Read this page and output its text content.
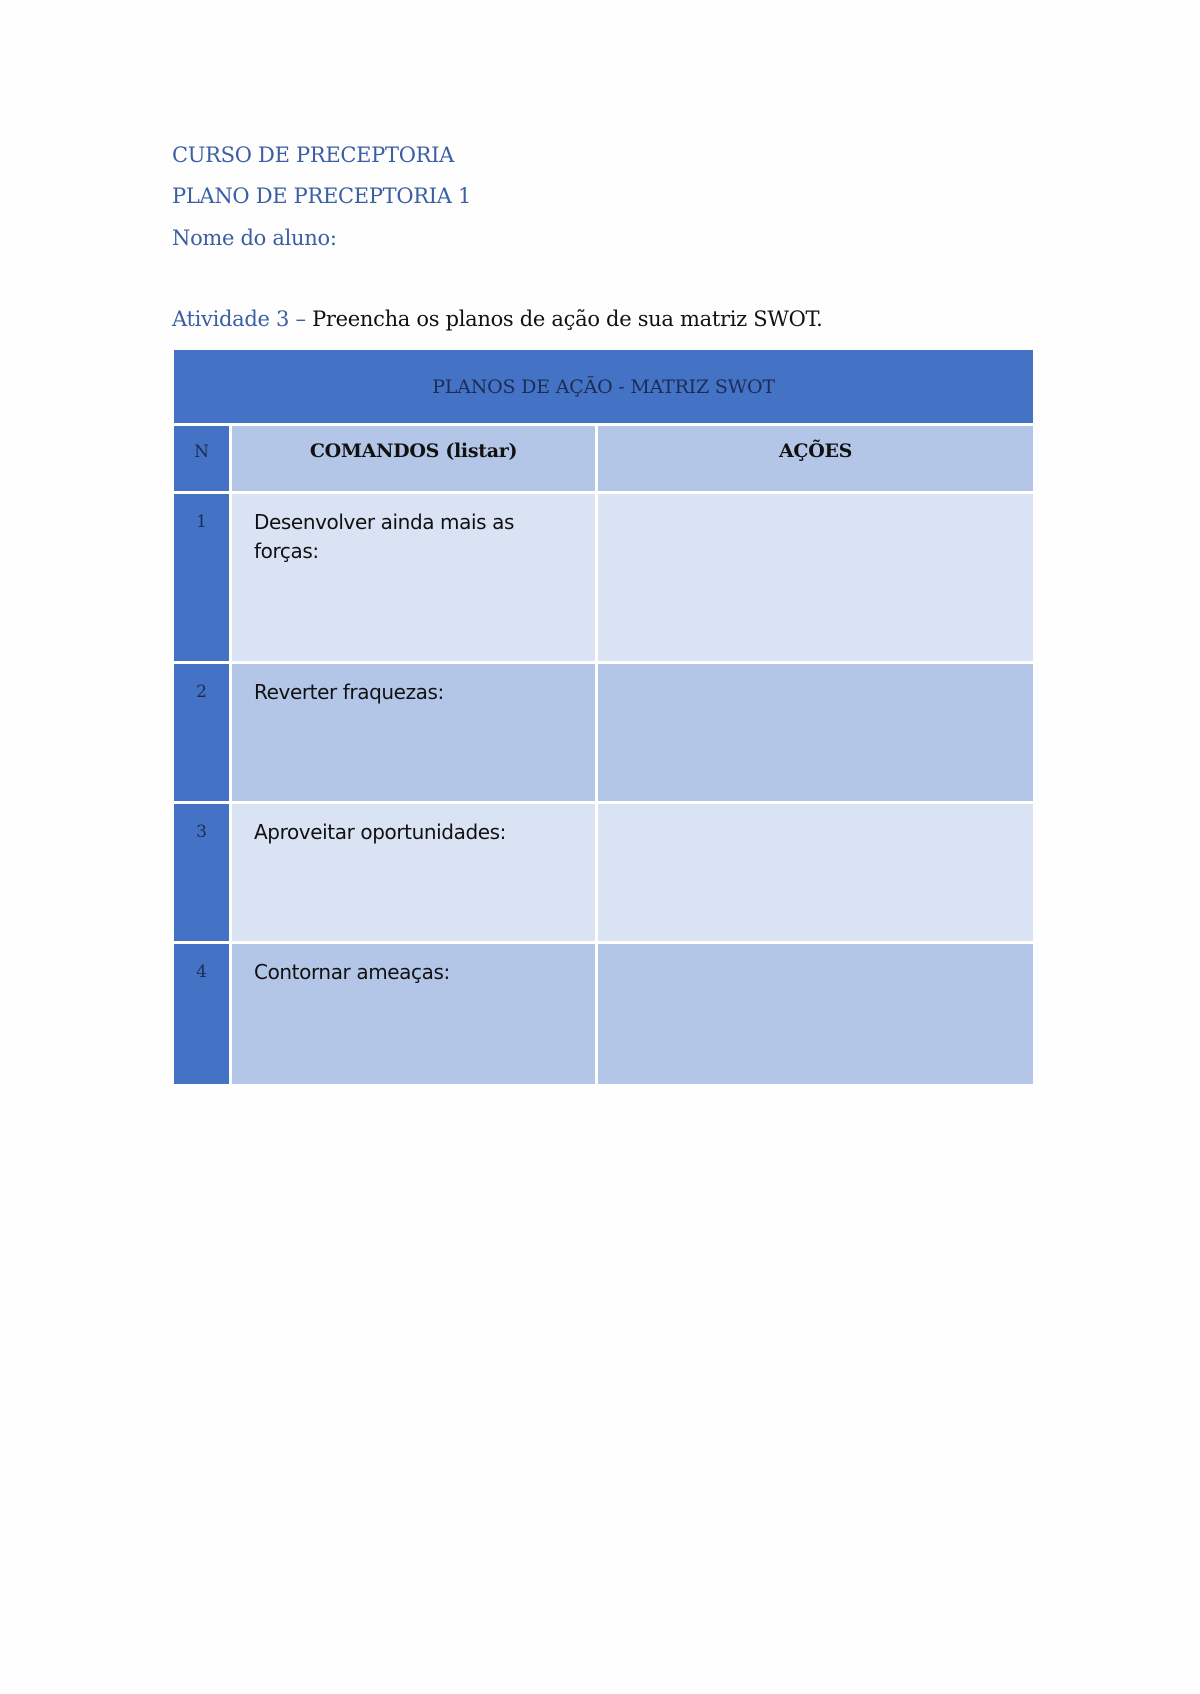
CURSO DE PRECEPTORIA
PLANO DE PRECEPTORIA 1
Nome do aluno:
Atividade 3 – Preencha os planos de ação de sua matriz SWOT.
PLANOS DE AÇÃO - MATRIZ SWOT		
N	COMANDOS (listar)	AÇÕES
1	Desenvolver ainda mais as forças:	
2	Reverter fraquezas:	
3	Aproveitar oportunidades:	
4	Contornar ameaças:	
